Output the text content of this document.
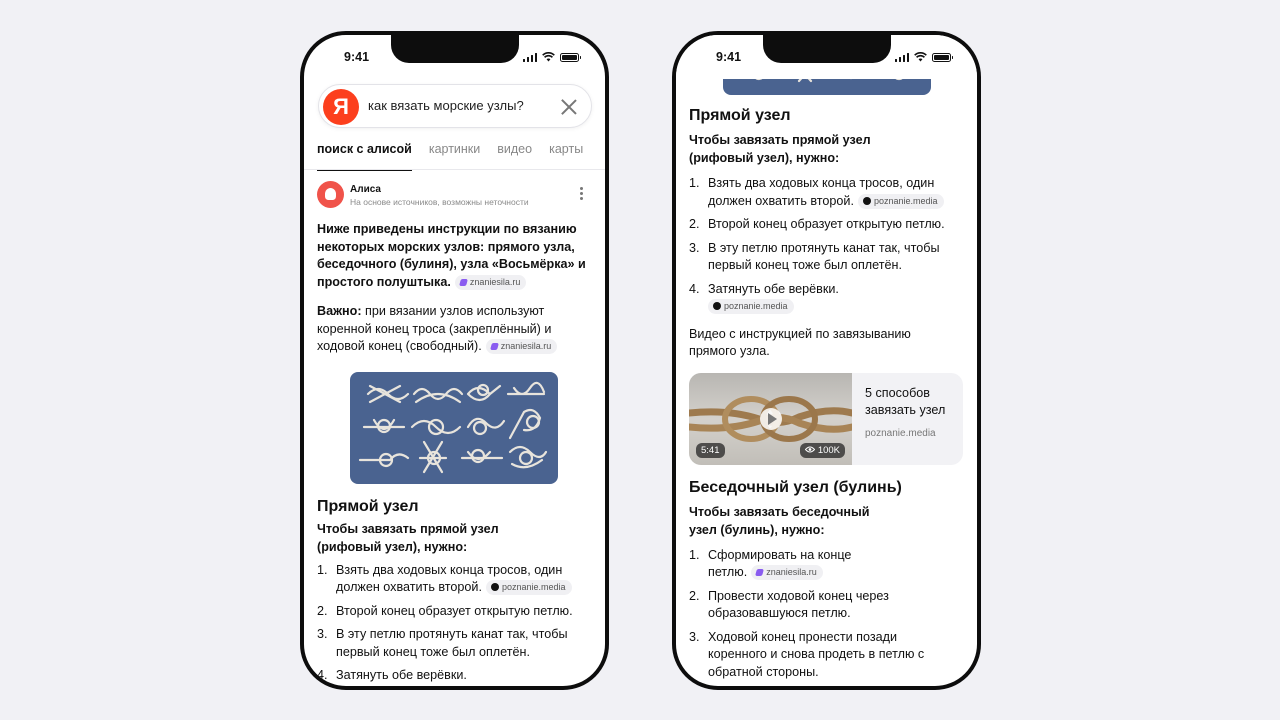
9:41
Я	как вязать морские узлы?
поиск с алисой картинки видео карты
Алиса
На основе источников, возможны неточности

Ниже приведены инструкции по вязанию некоторых морских узлов: прямого узла, беседочного (булиня), узла «Восьмёрка» и простого полуштыка. znaniesila.ru

Важно: при вязании узлов используют коренной конец троса (закреплённый) и ходовой конец (свободный). znaniesila.ru

Прямой узел

Чтобы завязать прямой узел (рифовый узел), нужно:

1. Взять два ходовых конца тросов, один должен охватить второй. poznanie.media
2. Второй конец образует открытую петлю.
3. В эту петлю протянуть канат так, чтобы первый конец тоже был оплетён.
4. Затянуть обе верёвки.
9:41
Прямой узел

Чтобы завязать прямой узел (рифовый узел), нужно:

1. Взять два ходовых конца тросов, один должен охватить второй. poznanie.media
2. Второй конец образует открытую петлю.
3. В эту петлю протянуть канат так, чтобы первый конец тоже был оплетён.
4. Затянуть обе верёвки.
poznanie.media

Видео с инструкцией по завязыванию прямого узла.

5:41	100K
5 способов завязать узел
poznanie.media
Беседочный узел (булинь)

Чтобы завязать беседочный узел (булинь), нужно:

1. Сформировать на конце петлю. znaniesila.ru
2. Провести ходовой конец через образовавшуюся петлю.
3. Ходовой конец пронести позади коренного и снова продеть в петлю с обратной стороны.
